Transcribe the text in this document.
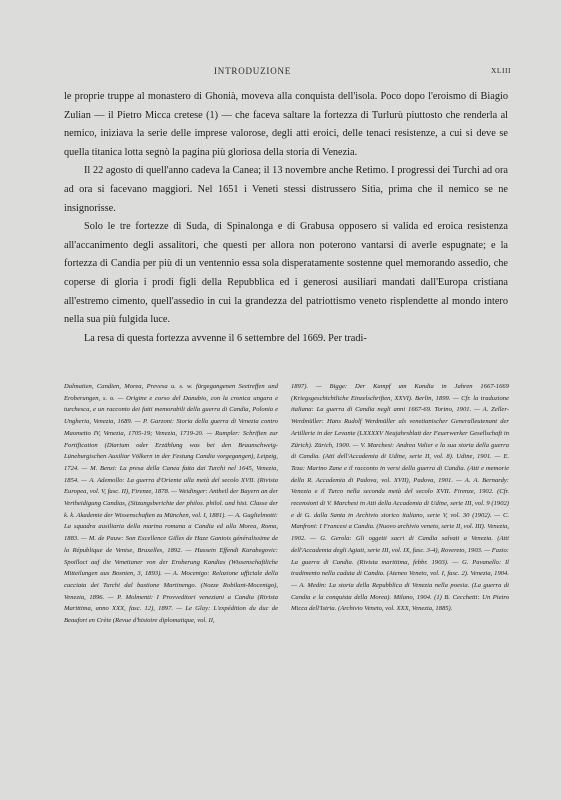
INTRODUZIONE	XLIII

le proprie truppe al monastero di Ghonià, moveva alla conquista dell'isola. Poco dopo l'eroismo di Biagio Zulian — il Pietro Micca cretese (1) — che faceva saltare la fortezza di Turlurù piuttosto che renderla al nemico, iniziava la serie delle imprese valorose, degli atti eroici, delle tenaci resistenze, a cui si deve se quella titanica lotta segnò la pagina più gloriosa della storia di Venezia.

Il 22 agosto di quell'anno cadeva la Canea; il 13 novembre anche Retimo. I progressi dei Turchi ad ora ad ora si facevano maggiori. Nel 1651 i Veneti stessi distrussero Sitìa, prima che il nemico se ne insignorisse.

Solo le tre fortezze di Suda, di Spinalonga e di Grabusa opposero si valida ed eroica resistenza all'accanimento degli assalitori, che questi per allora non poterono vantarsi di averle espugnate; e la fortezza di Candia per più di un ventennio essa sola disperatamente sostenne quel memorando assedio, che coperse di gloria i prodi figli della Repubblica ed i generosi ausiliari mandati dall'Europa cristiana all'estremo cimento, quell'assedio in cui la grandezza del patriottismo veneto risplendette al mondo intero nella sua più fulgida luce.

La resa di questa fortezza avvenne il 6 settembre del 1669. Per tradi-

Dalmatien, Candien, Morea, Prevesa u. s. w. fürgegangenen Seetreffen und Eroberungen, s. o. — Origine e corso del Danubio, con la cronica ungara e turchesca, e un racconto dei fatti memorabili della guerra di Candia, Polonia e Ungheria, Venezia, 1689. — P. Garzoni: Storia della guerra di Venezia contro Maometto IV, Venezia, 1705-19; Venezia, 1719-20. — Rumpler: Schriften zur Fortification (Diarium oder Erzählung was bei den Braunschweig-Lüneburgischen Auxiliar Völkern in der Festung Candia vorgegangen), Leipzig, 1724. — M. Benzi: La presa della Canea fatta dai Turchi nel 1645, Venezia, 1854. — A. Ademollo: La guerra d'Oriente alla metà del secolo XVII. (Rivista Europea, vol. V, fasc. II), Firenze, 1878. — Weidinger: Antheil der Bayern an der Vertheidigung Candias, (Sitzungsberichte der philos. philol. und hist. Classe der k. k. Akademie der Wissenschaften zu München, vol. I, 1881). — A. Guglielmotti: La squadra ausiliaria della marina romana a Candia ed alla Morea, Roma, 1883. — M. de Pauw: Son Excellence Gilles de Haze Gantois généralissime de la République de Venise, Bruxelles, 1892. — Hussein Effendi Karabegovic: Spoilloci auf die Venetianer von der Eroberung Kandias (Wissenschaftliche Mitteilungen aus Bosnien, 3, 1893). — A. Mocenigo: Relazione ufficiale della cacciata dei Turchi dal bastione Martinengo. (Nozze Robilant-Mocenigo), Venezia, 1896. — P. Molmenti: I Provveditori veneziani a Candia (Rivista Marittima, anno XXX, fasc. 12), 1897. — Le Glay: L'expédition du duc de Beaufort en Crète (Revue d'histoire diplomatique, vol. II,
1897). — Bigge: Der Kampf um Kandia in Jahren 1667-1669 (Kriegsgeschichtliche Einzelschriften, XXVI). Berlin, 1899. — Cfr. la traduzione italiana: La guerra di Candia negli anni 1667-69. Torino, 1901. — A. Zeller-Werdmüller: Hans Rudolf Werdmüller als venetianischer Generalleutenant der Artillerie in der Levante (LXXXXV Neujahrsblatt der Feuerwerker Gesellschaft in Zürich). Zürich, 1900. — V. Marchesi: Andrea Valier e la sua storia della guerra di Candia. (Atti dell'Accademia di Udine, serie II, vol. 8). Udine, 1901. — E. Teza: Marino Zane e il racconto in versi della guerra di Candia. (Atti e memorie della R. Accademia di Padova, vol. XVII), Padova, 1901. — A. A. Bernardy: Venezia e il Turco nella seconda metà del secolo XVII. Firenze, 1902. (Cfr. recensioni di V. Marchesi in Atti della Accademia di Udine, serie III, vol. 9 (1902) e di G. dalla Santa in Archivio storico italiano, serie V, vol. 30 (1902). — C. Manfroni: I Francesi a Candia. (Nuovo archivio veneto, serie II, vol. III). Venezia, 1902. — G. Gerola: Gli oggetti sacri di Candia salvati a Venezia. (Atti dell'Accademia degli Agiati, serie III, vol. IX, fasc. 3-4), Rovereto, 1903. — Fazio: La guerra di Candia. (Rivista marittima, febbr. 1903). — G. Pavanello: Il tradimento nella caduta di Candia. (Ateneo Veneto, vol. I, fasc. 2). Venezia, 1904. — A. Medin: La storia della Repubblica di Venezia nella poesia. (La guerra di Candia e la conquista della Morea). Milano, 1904. (1) B. Cecchetti: Un Pietro Micca dell'Istria. (Archivio Veneto, vol. XXX, Venezia, 1885).
